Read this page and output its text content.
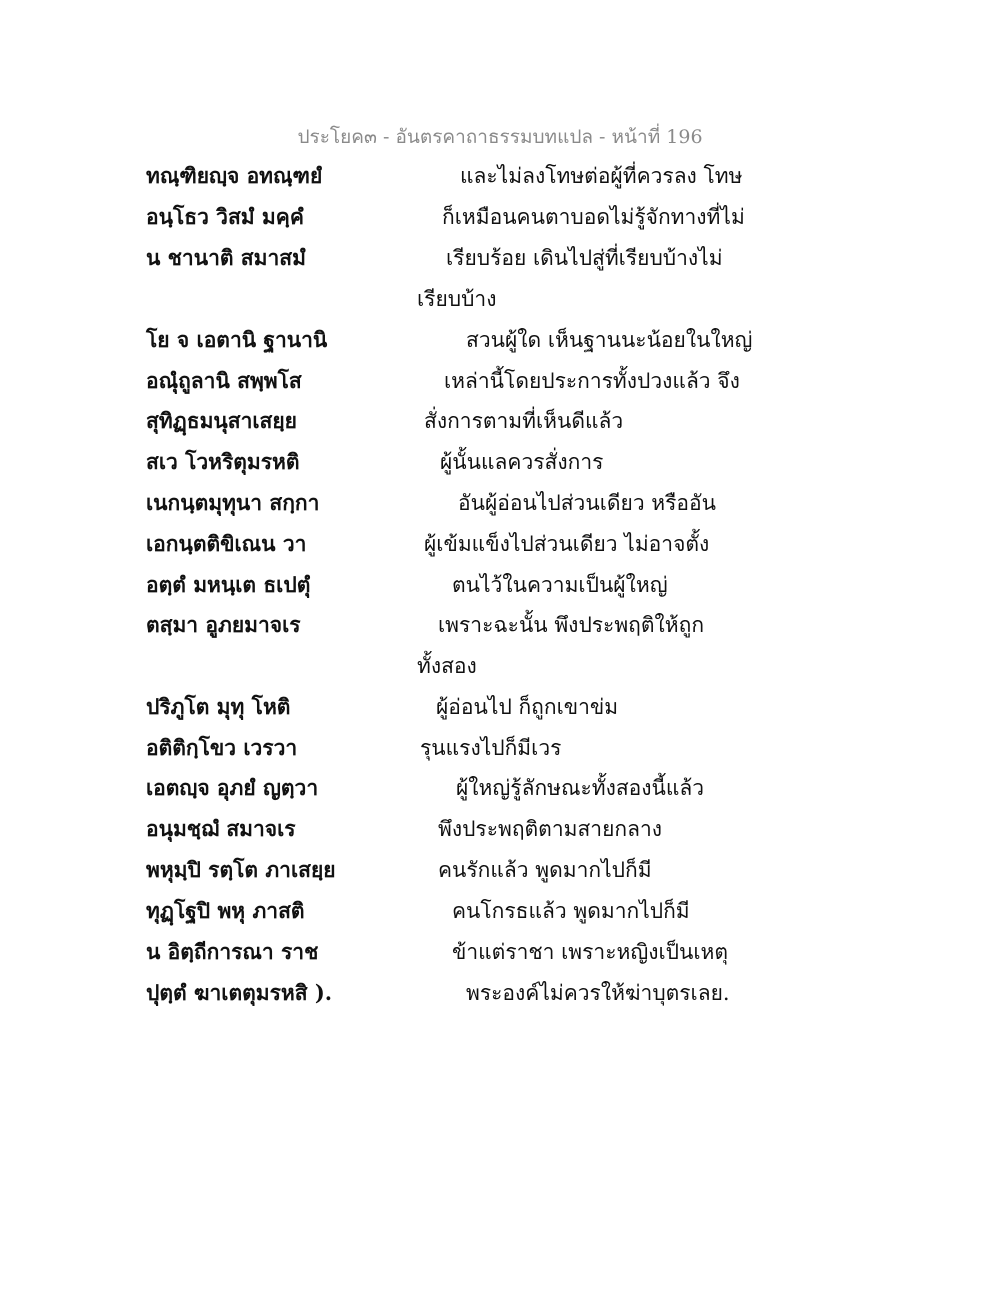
ประโยค๓ - อันตรคาถาธรรมบทแปล - หน้าที่ 196
ทณฺฑิยญฺจ อทณฺฑยํ	และไม่ลงโทษต่อผู้ที่ควรลง โทษ
อนฺโธว วิสมํ มคฺคํ	ก็เหมือนคนตาบอดไม่รู้จักทางที่ไม่
น ชานาติ สมาสมํ	เรียบร้อย เดินไปสู่ที่เรียบบ้างไม่
เรียบบ้าง
โย จ เอตานิ ฐานานิ	สวนผู้ใด เห็นฐานนะน้อยในใหญ่
อณุํถูลานิ สพฺพโส	เหล่านี้โดยประการทั้งปวงแล้ว จึง
สุทิฏฺธมนุสาเสยฺย	สั่งการตามที่เห็นดีแล้ว
สเว โวหริตุมรหติ	ผู้นั้นแลควรสั่งการ
เนกนฺตมุทุนา สกฺกา	อันผู้อ่อนไปส่วนเดียว หรืออัน
เอกนฺตติขิเณน วา	ผู้เข้มแข็งไปส่วนเดียว ไม่อาจตั้ง
อตฺตํ มหนฺเต ธเปตุํ	ตนไว้ในความเป็นผู้ใหญ่
ตสฺมา อูภยมาจเร	เพราะฉะนั้น พึงประพฤติให้ถูก
ทั้งสอง
ปริภูโต มุทุ โหติ	ผู้อ่อนไป ก็ถูกเขาข่ม
อติติกฺโขว เวรวา	รุนแรงไปก็มีเวร
เอตญฺจ อุภยํ ญตฺวา	ผู้ใหญ่รู้ลักษณะทั้งสองนี้แล้ว
อนุมชฺฌํ สมาจเร	พึงประพฤติตามสายกลาง
พหุมฺปิ รตฺโต ภาเสยฺย	คนรักแล้ว พูดมากไปก็มี
ทุฏฺโฐปิ พหุ ภาสติ	คนโกรธแล้ว พูดมากไปก็มี
น อิตฺถีการณา ราช	ข้าแต่ราชา เพราะหญิงเป็นเหตุ
ปุตฺตํ ฆาเตตุมรหสิ ).	พระองค์ไม่ควรให้ฆ่าบุตรเลย.
